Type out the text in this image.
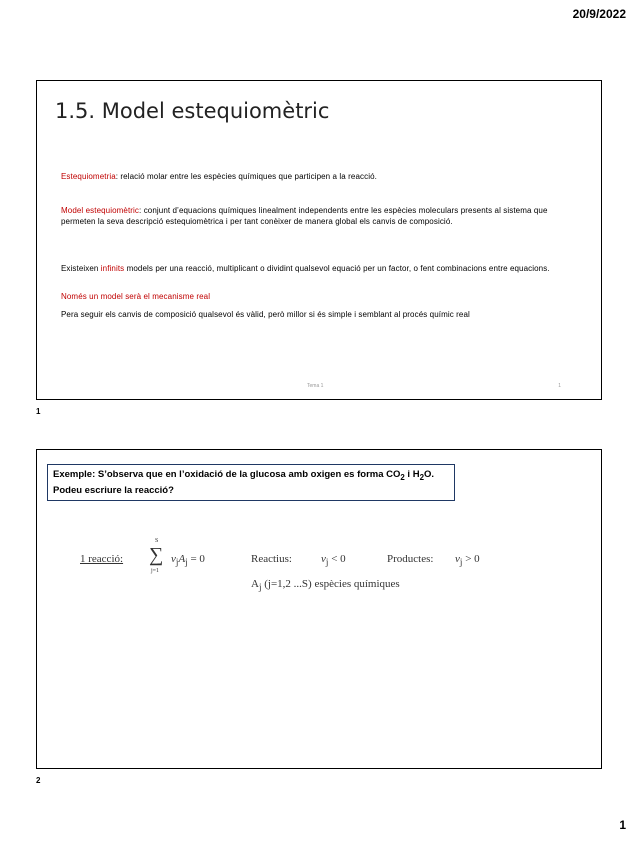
20/9/2022
1.5. Model estequiomètric
Estequiometria: relació molar entre les espècies químiques que participen a la reacció.
Model estequiomètric: conjunt d’equacions químiques linealment independents entre les espècies moleculars presents al sistema que permeten la seva descripció estequiomètrica i per tant conèixer de manera global els canvis de composició.
Existeixen infinits models per una reacció, multiplicant o dividint qualsevol equació per un factor, o fent combinacions entre equacions.
Només un model serà el mecanisme real
Pera seguir els canvis de composició qualsevol és vàlid, però millor si és simple i semblant al procés químic real
Tema 1	1
1
Exemple: S’observa que en l’oxidació de la glucosa amb oxigen es forma $CO_2$ i $H_2O$.
Podeu escriure la reacció?
1 reacció:
S
∑
j=1
$\nu_jA_j = 0$	Reactius:	$\nu_j < 0$	Productes: $\nu_j > 0$
$A_j$ (j=1,2 ...S) espècies químiques
2
1
